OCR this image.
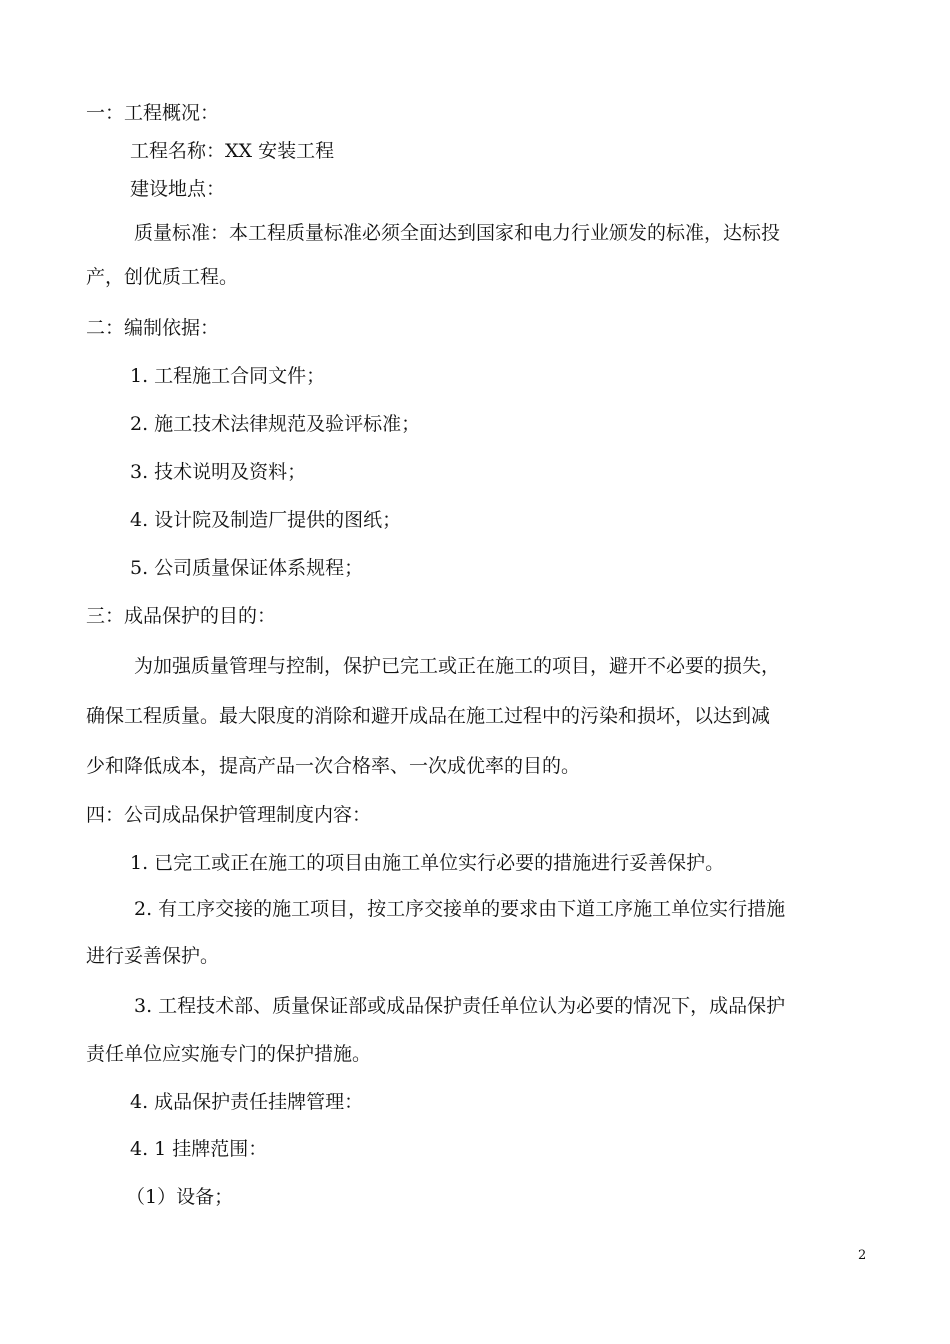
一：工程概况：
工程名称：XX 安装工程
建设地点：
质量标准：本工程质量标准必须全面达到国家和电力行业颁发的标准，达标投
产，创优质工程。
二：编制依据：
1. 工程施工合同文件；
2. 施工技术法律规范及验评标准；
3. 技术说明及资料；
4. 设计院及制造厂提供的图纸；
5. 公司质量保证体系规程；
三：成品保护的目的：
为加强质量管理与控制，保护已完工或正在施工的项目，避开不必要的损失，
确保工程质量。最大限度的消除和避开成品在施工过程中的污染和损坏，以达到减
少和降低成本，提高产品一次合格率、一次成优率的目的。
四：公司成品保护管理制度内容：
1. 已完工或正在施工的项目由施工单位实行必要的措施进行妥善保护。
2. 有工序交接的施工项目，按工序交接单的要求由下道工序施工单位实行措施
进行妥善保护。
3. 工程技术部、质量保证部或成品保护责任单位认为必要的情况下，成品保护
责任单位应实施专门的保护措施。
4. 成品保护责任挂牌管理：
4. 1 挂牌范围：
（1）设备；
2
